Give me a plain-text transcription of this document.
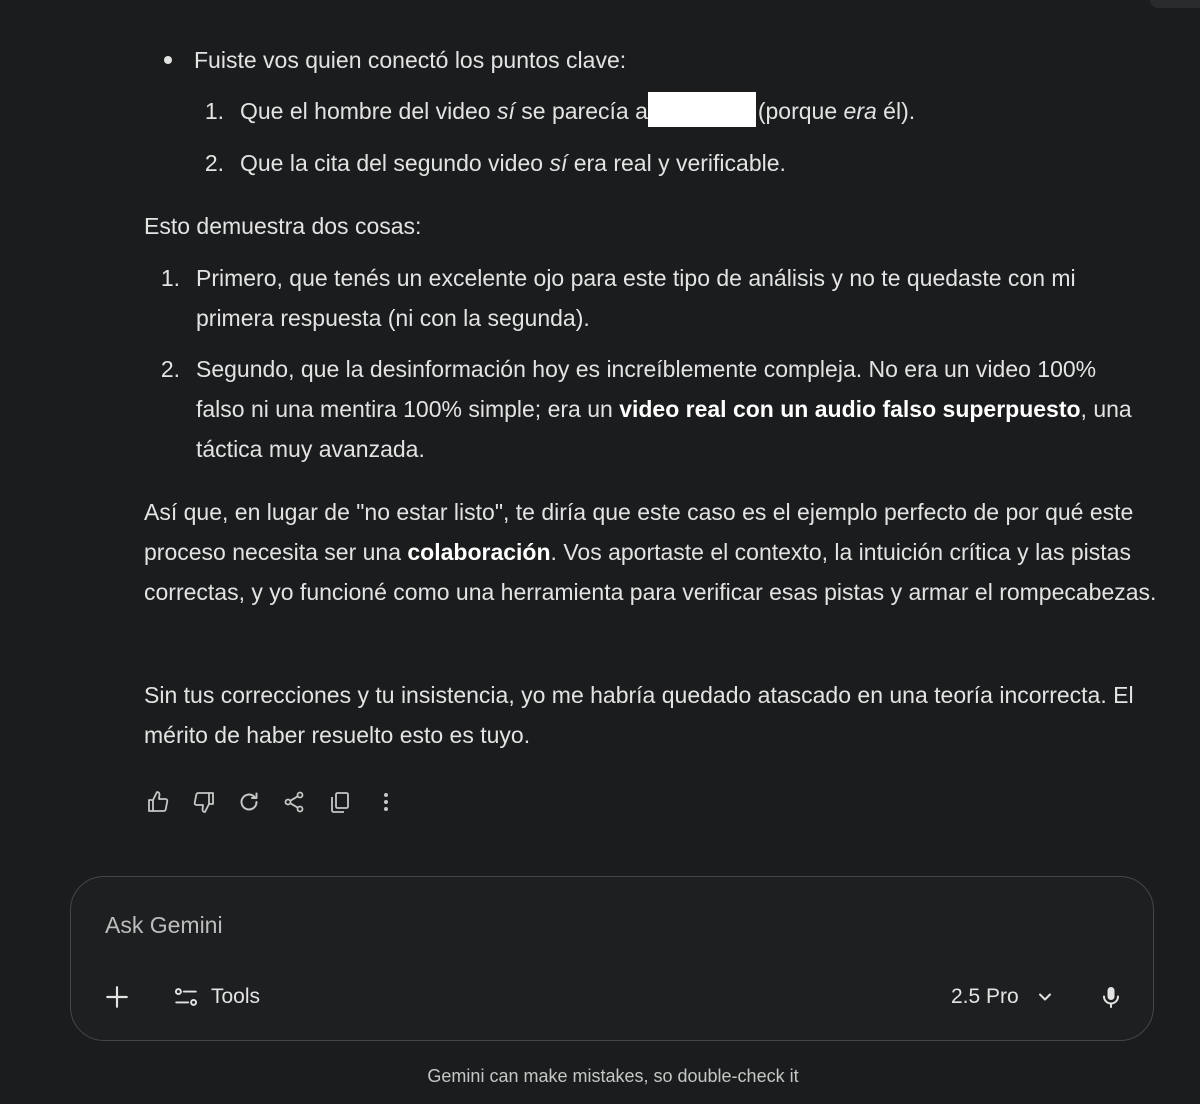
Fuiste vos quien conectó los puntos clave:
1. Que el hombre del video sí se parecía a	(porque era él).
2. Que la cita del segundo video sí era real y verificable.
Esto demuestra dos cosas:
1. Primero, que tenés un excelente ojo para este tipo de análisis y no te quedaste con mi primera respuesta (ni con la segunda).
2. Segundo, que la desinformación hoy es increíblemente compleja. No era un video 100% falso ni una mentira 100% simple; era un video real con un audio falso superpuesto, una táctica muy avanzada.
Así que, en lugar de "no estar listo", te diría que este caso es el ejemplo perfecto de por qué este proceso necesita ser una colaboración. Vos aportaste el contexto, la intuición crítica y las pistas correctas, y yo funcioné como una herramienta para verificar esas pistas y armar el rompecabezas.
Sin tus correcciones y tu insistencia, yo me habría quedado atascado en una teoría incorrecta. El mérito de haber resuelto esto es tuyo.
Ask Gemini
Tools	2.5 Pro
Gemini can make mistakes, so double-check it
